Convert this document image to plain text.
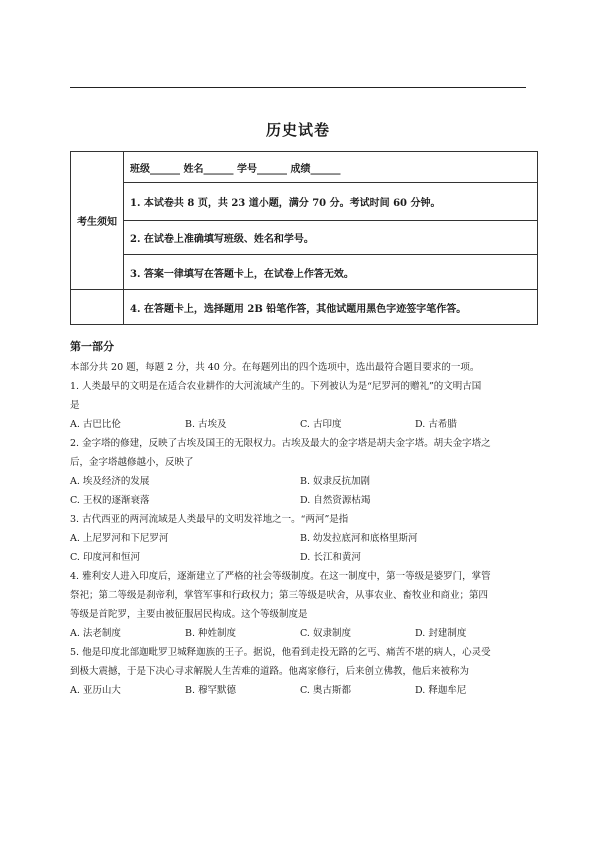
历史试卷
考生须知	班级______ 姓名______ 学号______ 成绩______
	1. 本试卷共 8 页，共 23 道小题，满分 70 分。考试时间 60 分钟。
	2. 在试卷上准确填写班级、姓名和学号。
	3. 答案一律填写在答题卡上，在试卷上作答无效。
	4. 在答题卡上，选择题用 2B 铅笔作答，其他试题用黑色字迹签字笔作答。
第一部分

本部分共 20 题，每题 2 分，共 40 分。在每题列出的四个选项中，选出最符合题目要求的一项。

1. 人类最早的文明是在适合农业耕作的大河流域产生的。下列被认为是“尼罗河的赠礼”的文明古国

是

A. 古巴比伦	B. 古埃及	C. 古印度	D. 古希腊

2. 金字塔的修建，反映了古埃及国王的无限权力。古埃及最大的金字塔是胡夫金字塔。胡夫金字塔之

后，金字塔越修越小，反映了

A. 埃及经济的发展	B. 奴隶反抗加剧
C. 王权的逐渐衰落	D. 自然资源枯竭

3. 古代西亚的两河流域是人类最早的文明发祥地之一。“两河”是指

A. 上尼罗河和下尼罗河	B. 幼发拉底河和底格里斯河
C. 印度河和恒河	D. 长江和黄河

4. 雅利安人进入印度后，逐渐建立了严格的社会等级制度。在这一制度中，第一等级是婆罗门，掌管

祭祀；第二等级是刹帝利，掌管军事和行政权力；第三等级是吠舍，从事农业、畜牧业和商业；第四

等级是首陀罗，主要由被征服居民构成。这个等级制度是

A. 法老制度	B. 种姓制度	C. 奴隶制度	D. 封建制度

5. 他是印度北部迦毗罗卫城释迦族的王子。据说，他看到走投无路的乞丐、痛苦不堪的病人，心灵受

到极大震撼，于是下决心寻求解脱人生苦难的道路。他离家修行，后来创立佛教，他后来被称为

A. 亚历山大	B. 穆罕默德	C. 奥古斯都	D. 释迦牟尼
